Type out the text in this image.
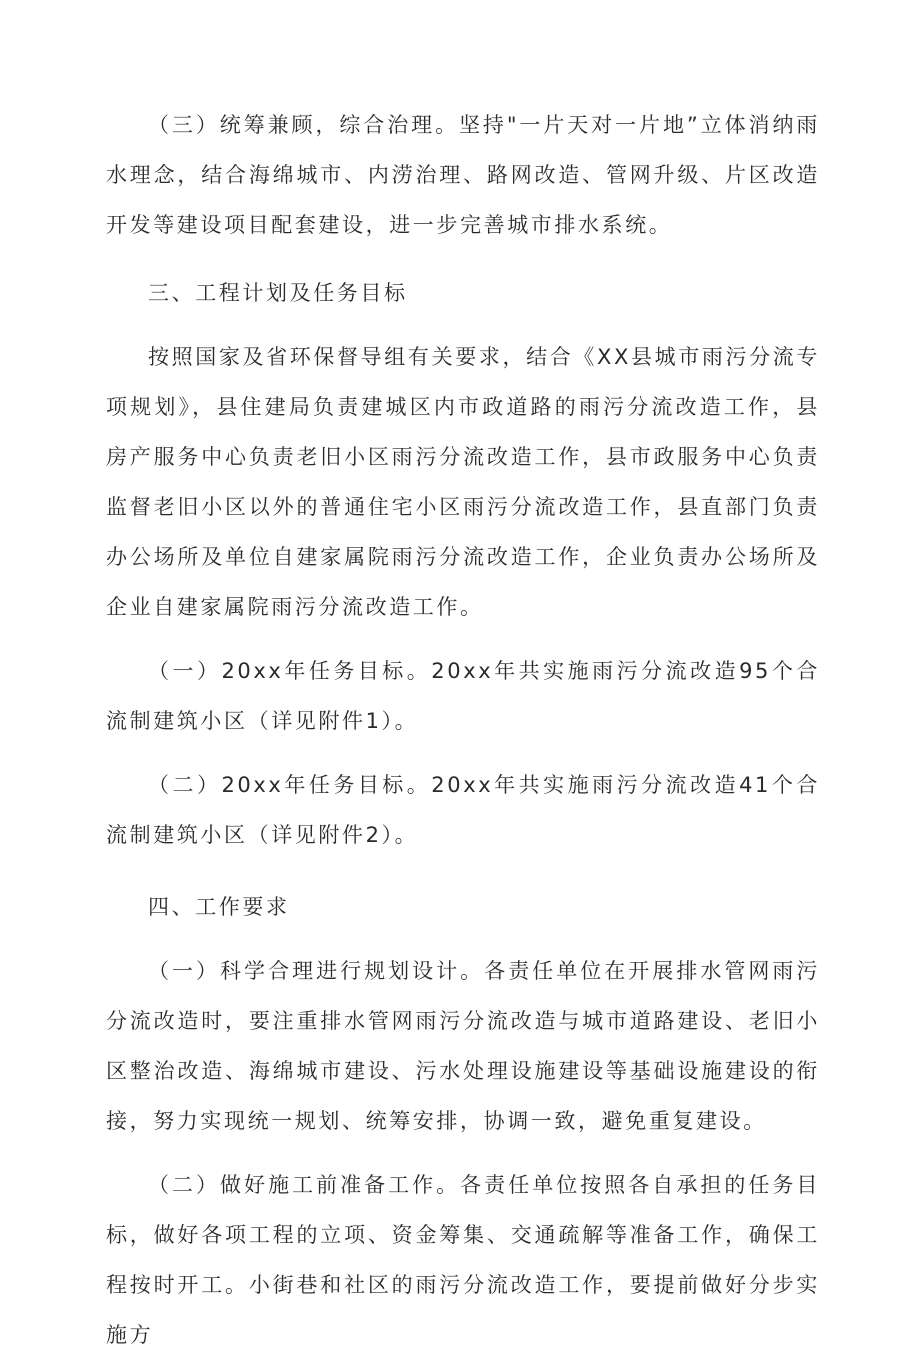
（三）统筹兼顾，综合治理。坚持"一片天对一片地”立体消纳雨水理念，结合海绵城市、内涝治理、路网改造、管网升级、片区改造开发等建设项目配套建设，进一步完善城市排水系统。

三、工程计划及任务目标

按照国家及省环保督导组有关要求，结合《XX县城市雨污分流专项规划》，县住建局负责建城区内市政道路的雨污分流改造工作，县房产服务中心负责老旧小区雨污分流改造工作，县市政服务中心负责监督老旧小区以外的普通住宅小区雨污分流改造工作，县直部门负责办公场所及单位自建家属院雨污分流改造工作，企业负责办公场所及企业自建家属院雨污分流改造工作。

（一）20xx年任务目标。20xx年共实施雨污分流改造95个合流制建筑小区（详见附件1）。

（二）20xx年任务目标。20xx年共实施雨污分流改造41个合流制建筑小区（详见附件2）。

四、工作要求

（一）科学合理进行规划设计。各责任单位在开展排水管网雨污分流改造时，要注重排水管网雨污分流改造与城市道路建设、老旧小区整治改造、海绵城市建设、污水处理设施建设等基础设施建设的衔接，努力实现统一规划、统筹安排，协调一致，避免重复建设。

（二）做好施工前准备工作。各责任单位按照各自承担的任务目标，做好各项工程的立项、资金筹集、交通疏解等准备工作，确保工程按时开工。小街巷和社区的雨污分流改造工作，要提前做好分步实施方
